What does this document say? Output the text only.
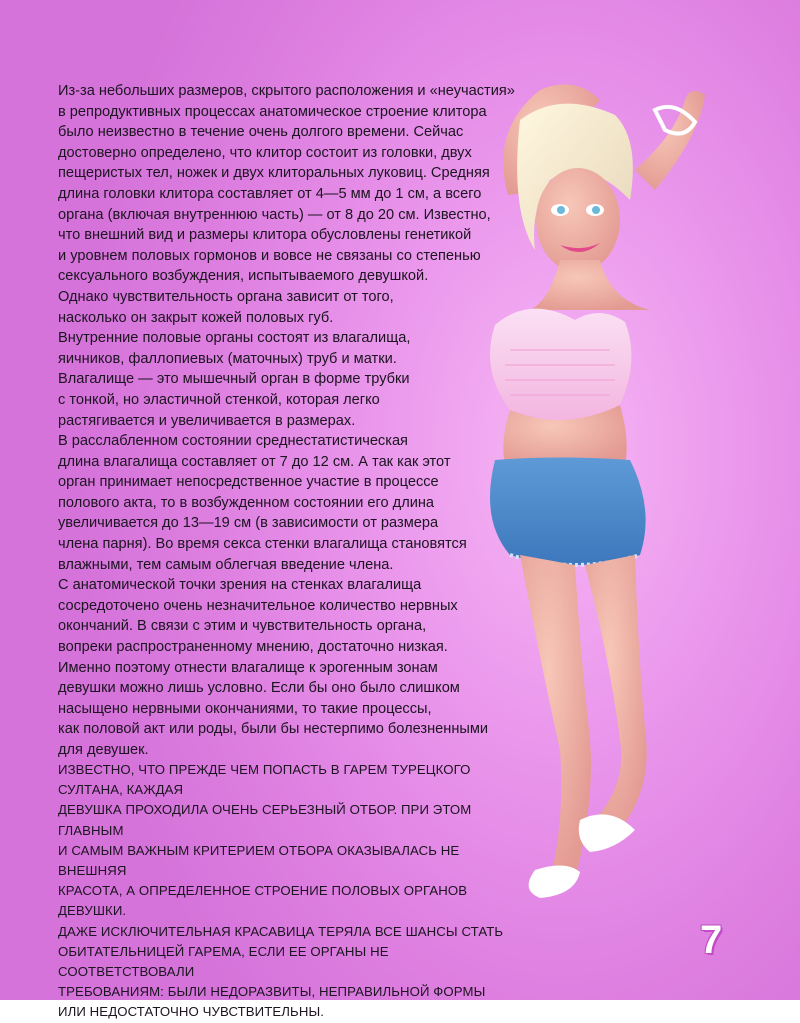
Из-за небольших размеров, скрытого расположения и «неучастия»
в репродуктивных процессах анатомическое строение клитора
было неизвестно в течение очень долгого времени. Сейчас
достоверно определено, что клитор состоит из головки, двух
пещеристых тел, ножек и двух клиторальных луковиц. Средняя
длина головки клитора составляет от 4—5 мм до 1 см, а всего
органа (включая внутреннюю часть) — от 8 до 20 см. Известно,
что внешний вид и размеры клитора обусловлены генетикой
и уровнем половых гормонов и вовсе не связаны со степенью
сексуального возбуждения, испытываемого девушкой.
Однако чувствительность органа зависит от того,
насколько он закрыт кожей половых губ.
Внутренние половые органы состоят из влагалища,
яичников, фаллопиевых (маточных) труб и матки.
Влагалище — это мышечный орган в форме трубки
с тонкой, но эластичной стенкой, которая легко
растягивается и увеличивается в размерах.
В расслабленном состоянии среднестатистическая
длина влагалища составляет от 7 до 12 см. А так как этот
орган принимает непосредственное участие в процессе
полового акта, то в возбужденном состоянии его длина
увеличивается до 13—19 см (в зависимости от размера
члена парня). Во время секса стенки влагалища становятся
влажными, тем самым облегчая введение члена.
С анатомической точки зрения на стенках влагалища
сосредоточено очень незначительное количество нервных
окончаний. В связи с этим и чувствительность органа,
вопреки распространенному мнению, достаточно низкая.
Именно поэтому отнести влагалище к эрогенным зонам
девушки можно лишь условно. Если бы оно было слишком
насыщено нервными окончаниями, то такие процессы,
как половой акт или роды, были бы нестерпимо болезненными
для девушек.

ИЗВЕСТНО, ЧТО ПРЕЖДЕ ЧЕМ ПОПАСТЬ В ГАРЕМ ТУРЕЦКОГО СУЛТАНА, КАЖДАЯ
ДЕВУШКА ПРОХОДИЛА ОЧЕНЬ СЕРЬЕЗНЫЙ ОТБОР. ПРИ ЭТОМ ГЛАВНЫМ
И САМЫМ ВАЖНЫМ КРИТЕРИЕМ ОТБОРА ОКАЗЫВАЛАСЬ НЕ ВНЕШНЯЯ
КРАСОТА, А ОПРЕДЕЛЕННОЕ СТРОЕНИЕ ПОЛОВЫХ ОРГАНОВ ДЕВУШКИ.
ДАЖЕ ИСКЛЮЧИТЕЛЬНАЯ КРАСАВИЦА ТЕРЯЛА ВСЕ ШАНСЫ СТАТЬ
ОБИТАТЕЛЬНИЦЕЙ ГАРЕМА, ЕСЛИ ЕЕ ОРГАНЫ НЕ СООТВЕТСТВОВАЛИ
ТРЕБОВАНИЯМ: БЫЛИ НЕДОРАЗВИТЫ, НЕПРАВИЛЬНОЙ ФОРМЫ
ИЛИ НЕДОСТАТОЧНО ЧУВСТВИТЕЛЬНЫ.

7
